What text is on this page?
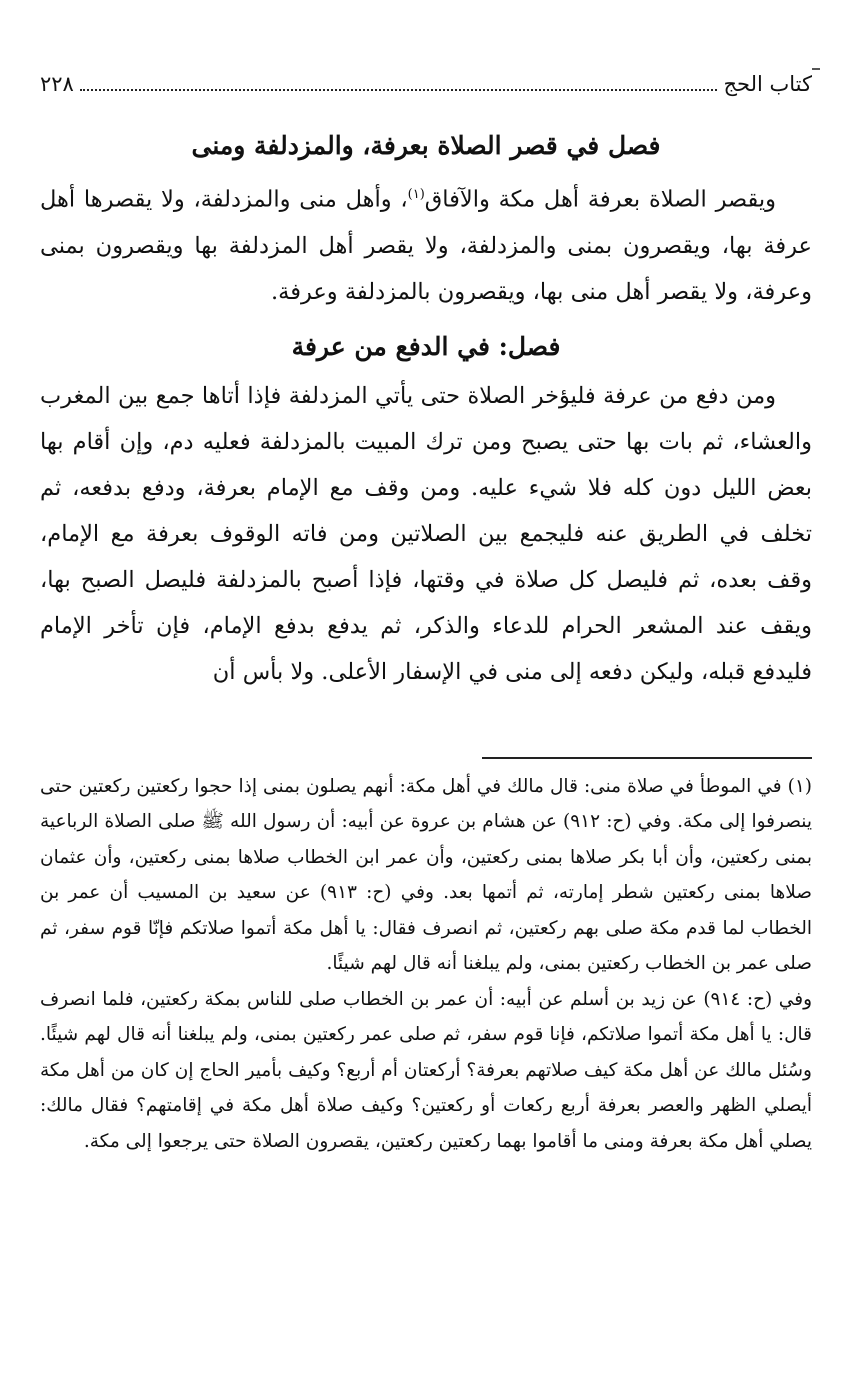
كتاب الحج
٢٢٨
فصل في قصر الصلاة بعرفة، والمزدلفة ومنى

ويقصر الصلاة بعرفة أهل مكة والآفاق$^{(١)}$، وأهل منى والمزدلفة، ولا يقصرها أهل عرفة بها، ويقصرون بمنى والمزدلفة، ولا يقصر أهل المزدلفة بها ويقصرون بمنى وعرفة، ولا يقصر أهل منى بها، ويقصرون بالمزدلفة وعرفة.

فصل: في الدفع من عرفة

ومن دفع من عرفة فليؤخر الصلاة حتى يأتي المزدلفة فإذا أتاها جمع بين المغرب والعشاء، ثم بات بها حتى يصبح ومن ترك المبيت بالمزدلفة فعليه دم، وإن أقام بها بعض الليل دون كله فلا شيء عليه. ومن وقف مع الإمام بعرفة، ودفع بدفعه، ثم تخلف في الطريق عنه فليجمع بين الصلاتين ومن فاته الوقوف بعرفة مع الإمام، وقف بعده، ثم فليصل كل صلاة في وقتها، فإذا أصبح بالمزدلفة فليصل الصبح بها، ويقف عند المشعر الحرام للدعاء والذكر، ثم يدفع بدفع الإمام، فإن تأخر الإمام فليدفع قبله، وليكن دفعه إلى منى في الإسفار الأعلى. ولا بأس أن

(١)في الموطأ في صلاة منى: قال مالك في أهل مكة: أنهم يصلون بمنى إذا حجوا ركعتين ركعتين حتى ينصرفوا إلى مكة. وفي (ح: ٩١٢) عن هشام بن عروة عن أبيه: أن رسول الله ﷺ صلى الصلاة الرباعية بمنى ركعتين، وأن أبا بكر صلاها بمنى ركعتين، وأن عمر ابن الخطاب صلاها بمنى ركعتين، وأن عثمان صلاها بمنى ركعتين شطر إمارته، ثم أتمها بعد. وفي (ح: ٩١٣) عن سعيد بن المسيب أن عمر بن الخطاب لما قدم مكة صلى بهم ركعتين، ثم انصرف فقال: يا أهل مكة أتموا صلاتكم فإنّا قوم سفر، ثم صلى عمر بن الخطاب ركعتين بمنى، ولم يبلغنا أنه قال لهم شيئًا.

وفي (ح: ٩١٤) عن زيد بن أسلم عن أبيه: أن عمر بن الخطاب صلى للناس بمكة ركعتين، فلما انصرف قال: يا أهل مكة أتموا صلاتكم، فإنا قوم سفر، ثم صلى عمر ركعتين بمنى، ولم يبلغنا أنه قال لهم شيئًا. وسُئل مالك عن أهل مكة كيف صلاتهم بعرفة؟ أركعتان أم أربع؟ وكيف بأمير الحاج إن كان من أهل مكة أيصلي الظهر والعصر بعرفة أربع ركعات أو ركعتين؟ وكيف صلاة أهل مكة في إقامتهم؟ فقال مالك: يصلي أهل مكة بعرفة ومنى ما أقاموا بهما ركعتين ركعتين، يقصرون الصلاة حتى يرجعوا إلى مكة.
